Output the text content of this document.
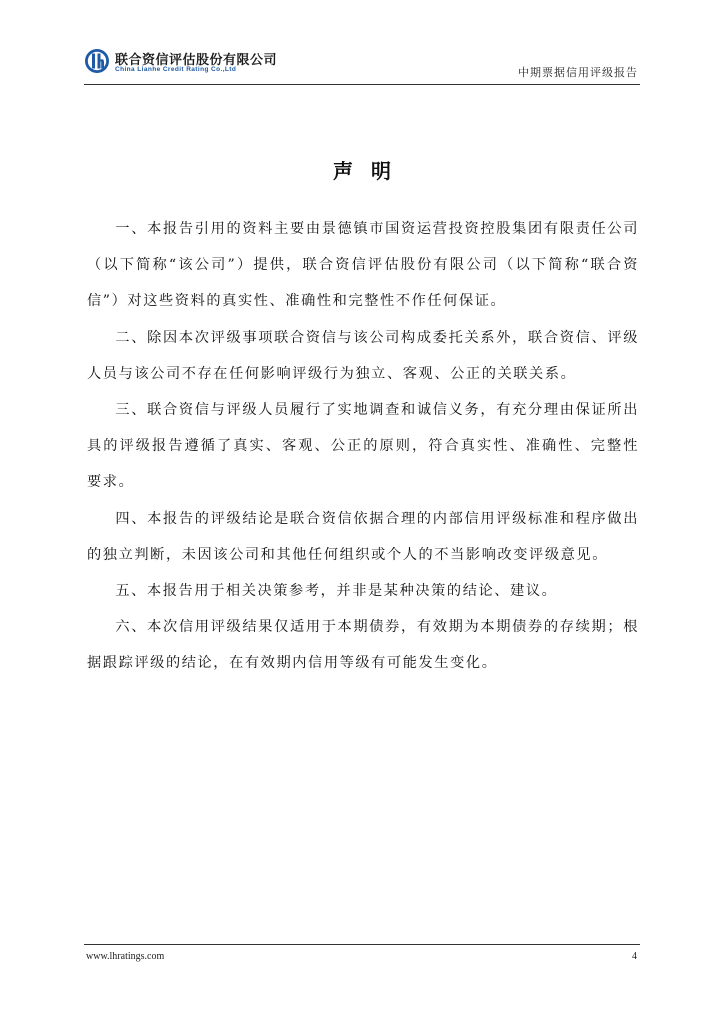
联合资信评估股份有限公司
China Lianhe Credit Rating Co.,Ltd	中期票据信用评级报告
声明

一、本报告引用的资料主要由景德镇市国资运营投资控股集团有限责任公司（以下简称“该公司”）提供，联合资信评估股份有限公司（以下简称“联合资信”）对这些资料的真实性、准确性和完整性不作任何保证。

二、除因本次评级事项联合资信与该公司构成委托关系外，联合资信、评级人员与该公司不存在任何影响评级行为独立、客观、公正的关联关系。

三、联合资信与评级人员履行了实地调查和诚信义务，有充分理由保证所出具的评级报告遵循了真实、客观、公正的原则，符合真实性、准确性、完整性要求。

四、本报告的评级结论是联合资信依据合理的内部信用评级标准和程序做出的独立判断，未因该公司和其他任何组织或个人的不当影响改变评级意见。

五、本报告用于相关决策参考，并非是某种决策的结论、建议。

六、本次信用评级结果仅适用于本期债券，有效期为本期债券的存续期；根据跟踪评级的结论，在有效期内信用等级有可能发生变化。

www.lhratings.com	4
